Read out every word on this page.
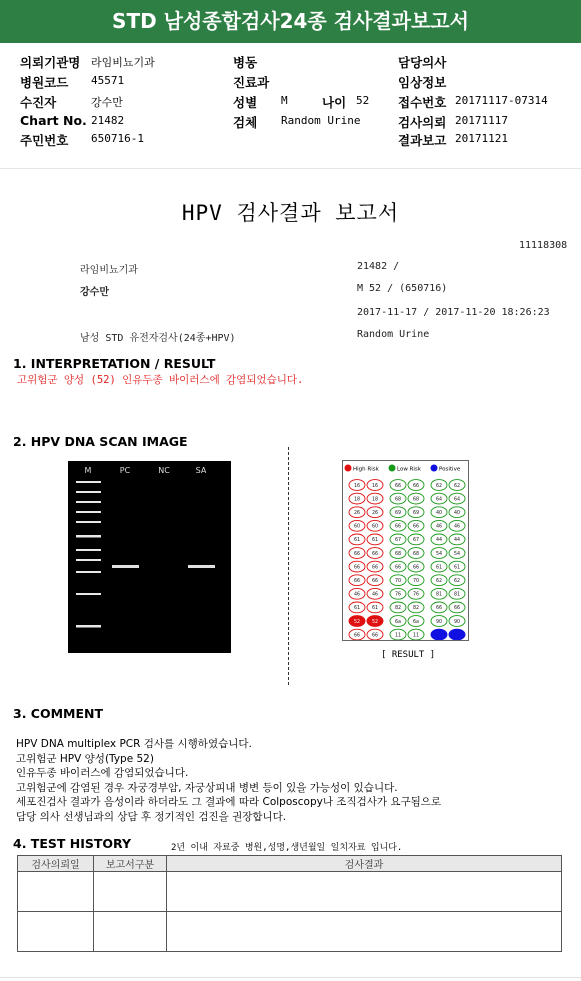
STD 남성종합검사24종 검사결과보고서
의뢰기관명 라임비뇨기과	병동	담당의사
병원코드 45571	진료과	임상정보
수진자	강수만	성별 M	나이 52 접수번호 20171117-07314
Chart No. 21482	검체 Random Urine	검사의뢰 20171117
주민번호 650716-1	결과보고 20171121
HPV 검사결과 보고서
11118308
라임비뇨기과	21482 /
강수만	M 52 / (650716)
2017-11-17 / 2017-11-20 18:26:23
남성 STD 유전자검사(24종+HPV)	Random Urine
1. INTERPRETATION / RESULT
고위험군 양성 (52) 인유두종 바이러스에 감염되었습니다.
2. HPV DNA SCAN IMAGE
M	PC	NC	SA	High Risk	Low Risk	Positive
16 16	66 66	62 62
18 18	68 68	64 64
26 26	69 69	40 40
60 60	66 66	46 46
61 61	67 67	44 44
66 66	68 68	54 54
66 66	66 66	61 61
66 66	70 70	62 62
46 46	76 76	81 81
61 61	82 82	66 66
52 52	6a	6a	90 90
66 66	11 11
[ RESULT ]
3. COMMENT
HPV DNA multiplex PCR 검사를 시행하였습니다.
고위험군 HPV 양성(Type 52)
인유두종 바이러스에 감염되었습니다.
고위험군에 감염된 경우 자궁경부암, 자궁상피내 병변 등이 있을 가능성이 있습니다.
세포진검사 결과가 음성이라 하더라도 그 결과에 따라 Colposcopy나 조직검사가 요구됨으로
담당 의사 선생님과의 상담 후 정기적인 검진을 권장합니다.
4. TEST HISTORY	2년 이내 자료중 병원,성명,생년월일 일치자료 입니다.
검사의뢰일	보고서구분	검사결과
